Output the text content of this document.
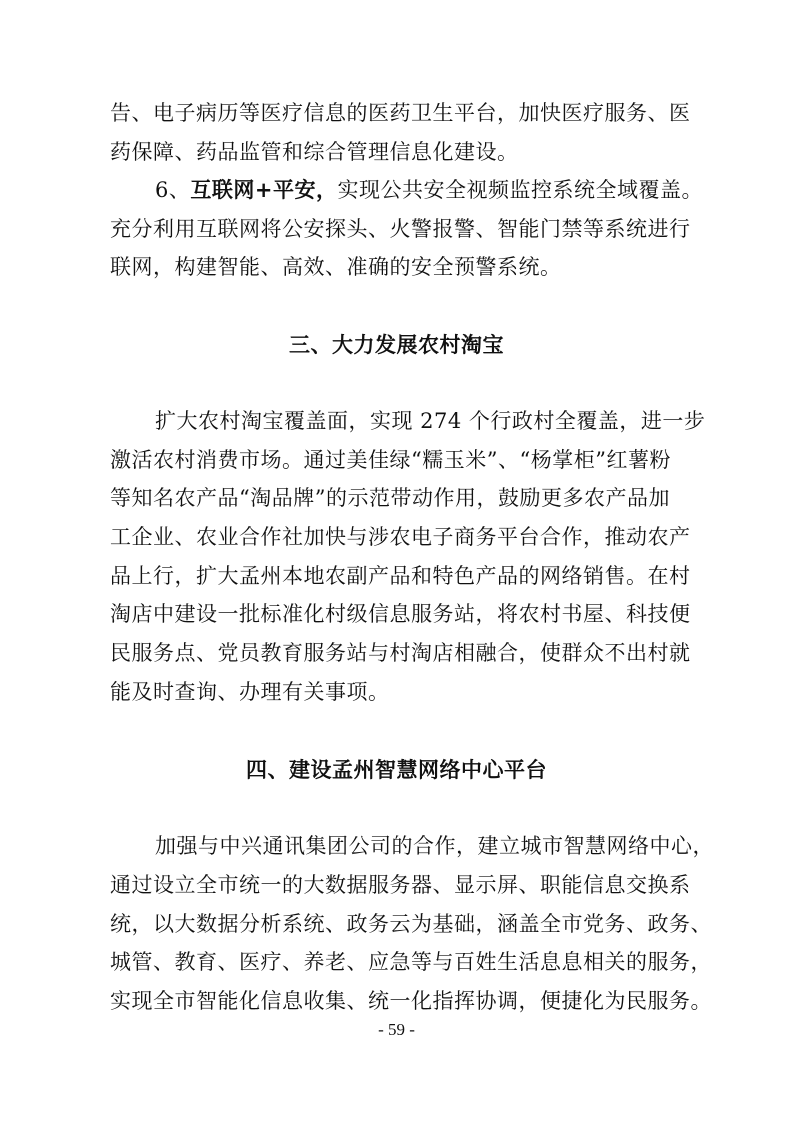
告、电子病历等医疗信息的医药卫生平台，加快医疗服务、医
药保障、药品监管和综合管理信息化建设。
6、互联网+平安，实现公共安全视频监控系统全域覆盖。
充分利用互联网将公安探头、火警报警、智能门禁等系统进行
联网，构建智能、高效、准确的安全预警系统。
三、大力发展农村淘宝
扩大农村淘宝覆盖面，实现 274 个行政村全覆盖，进一步
激活农村消费市场。通过美佳绿“糯玉米”、“杨掌柜”红薯粉
等知名农产品“淘品牌”的示范带动作用，鼓励更多农产品加
工企业、农业合作社加快与涉农电子商务平台合作，推动农产
品上行，扩大孟州本地农副产品和特色产品的网络销售。在村
淘店中建设一批标准化村级信息服务站，将农村书屋、科技便
民服务点、党员教育服务站与村淘店相融合，使群众不出村就
能及时查询、办理有关事项。
四、建设孟州智慧网络中心平台
加强与中兴通讯集团公司的合作，建立城市智慧网络中心，
通过设立全市统一的大数据服务器、显示屏、职能信息交换系
统，以大数据分析系统、政务云为基础，涵盖全市党务、政务、
城管、教育、医疗、养老、应急等与百姓生活息息相关的服务，
实现全市智能化信息收集、统一化指挥协调，便捷化为民服务。
- 59 -
